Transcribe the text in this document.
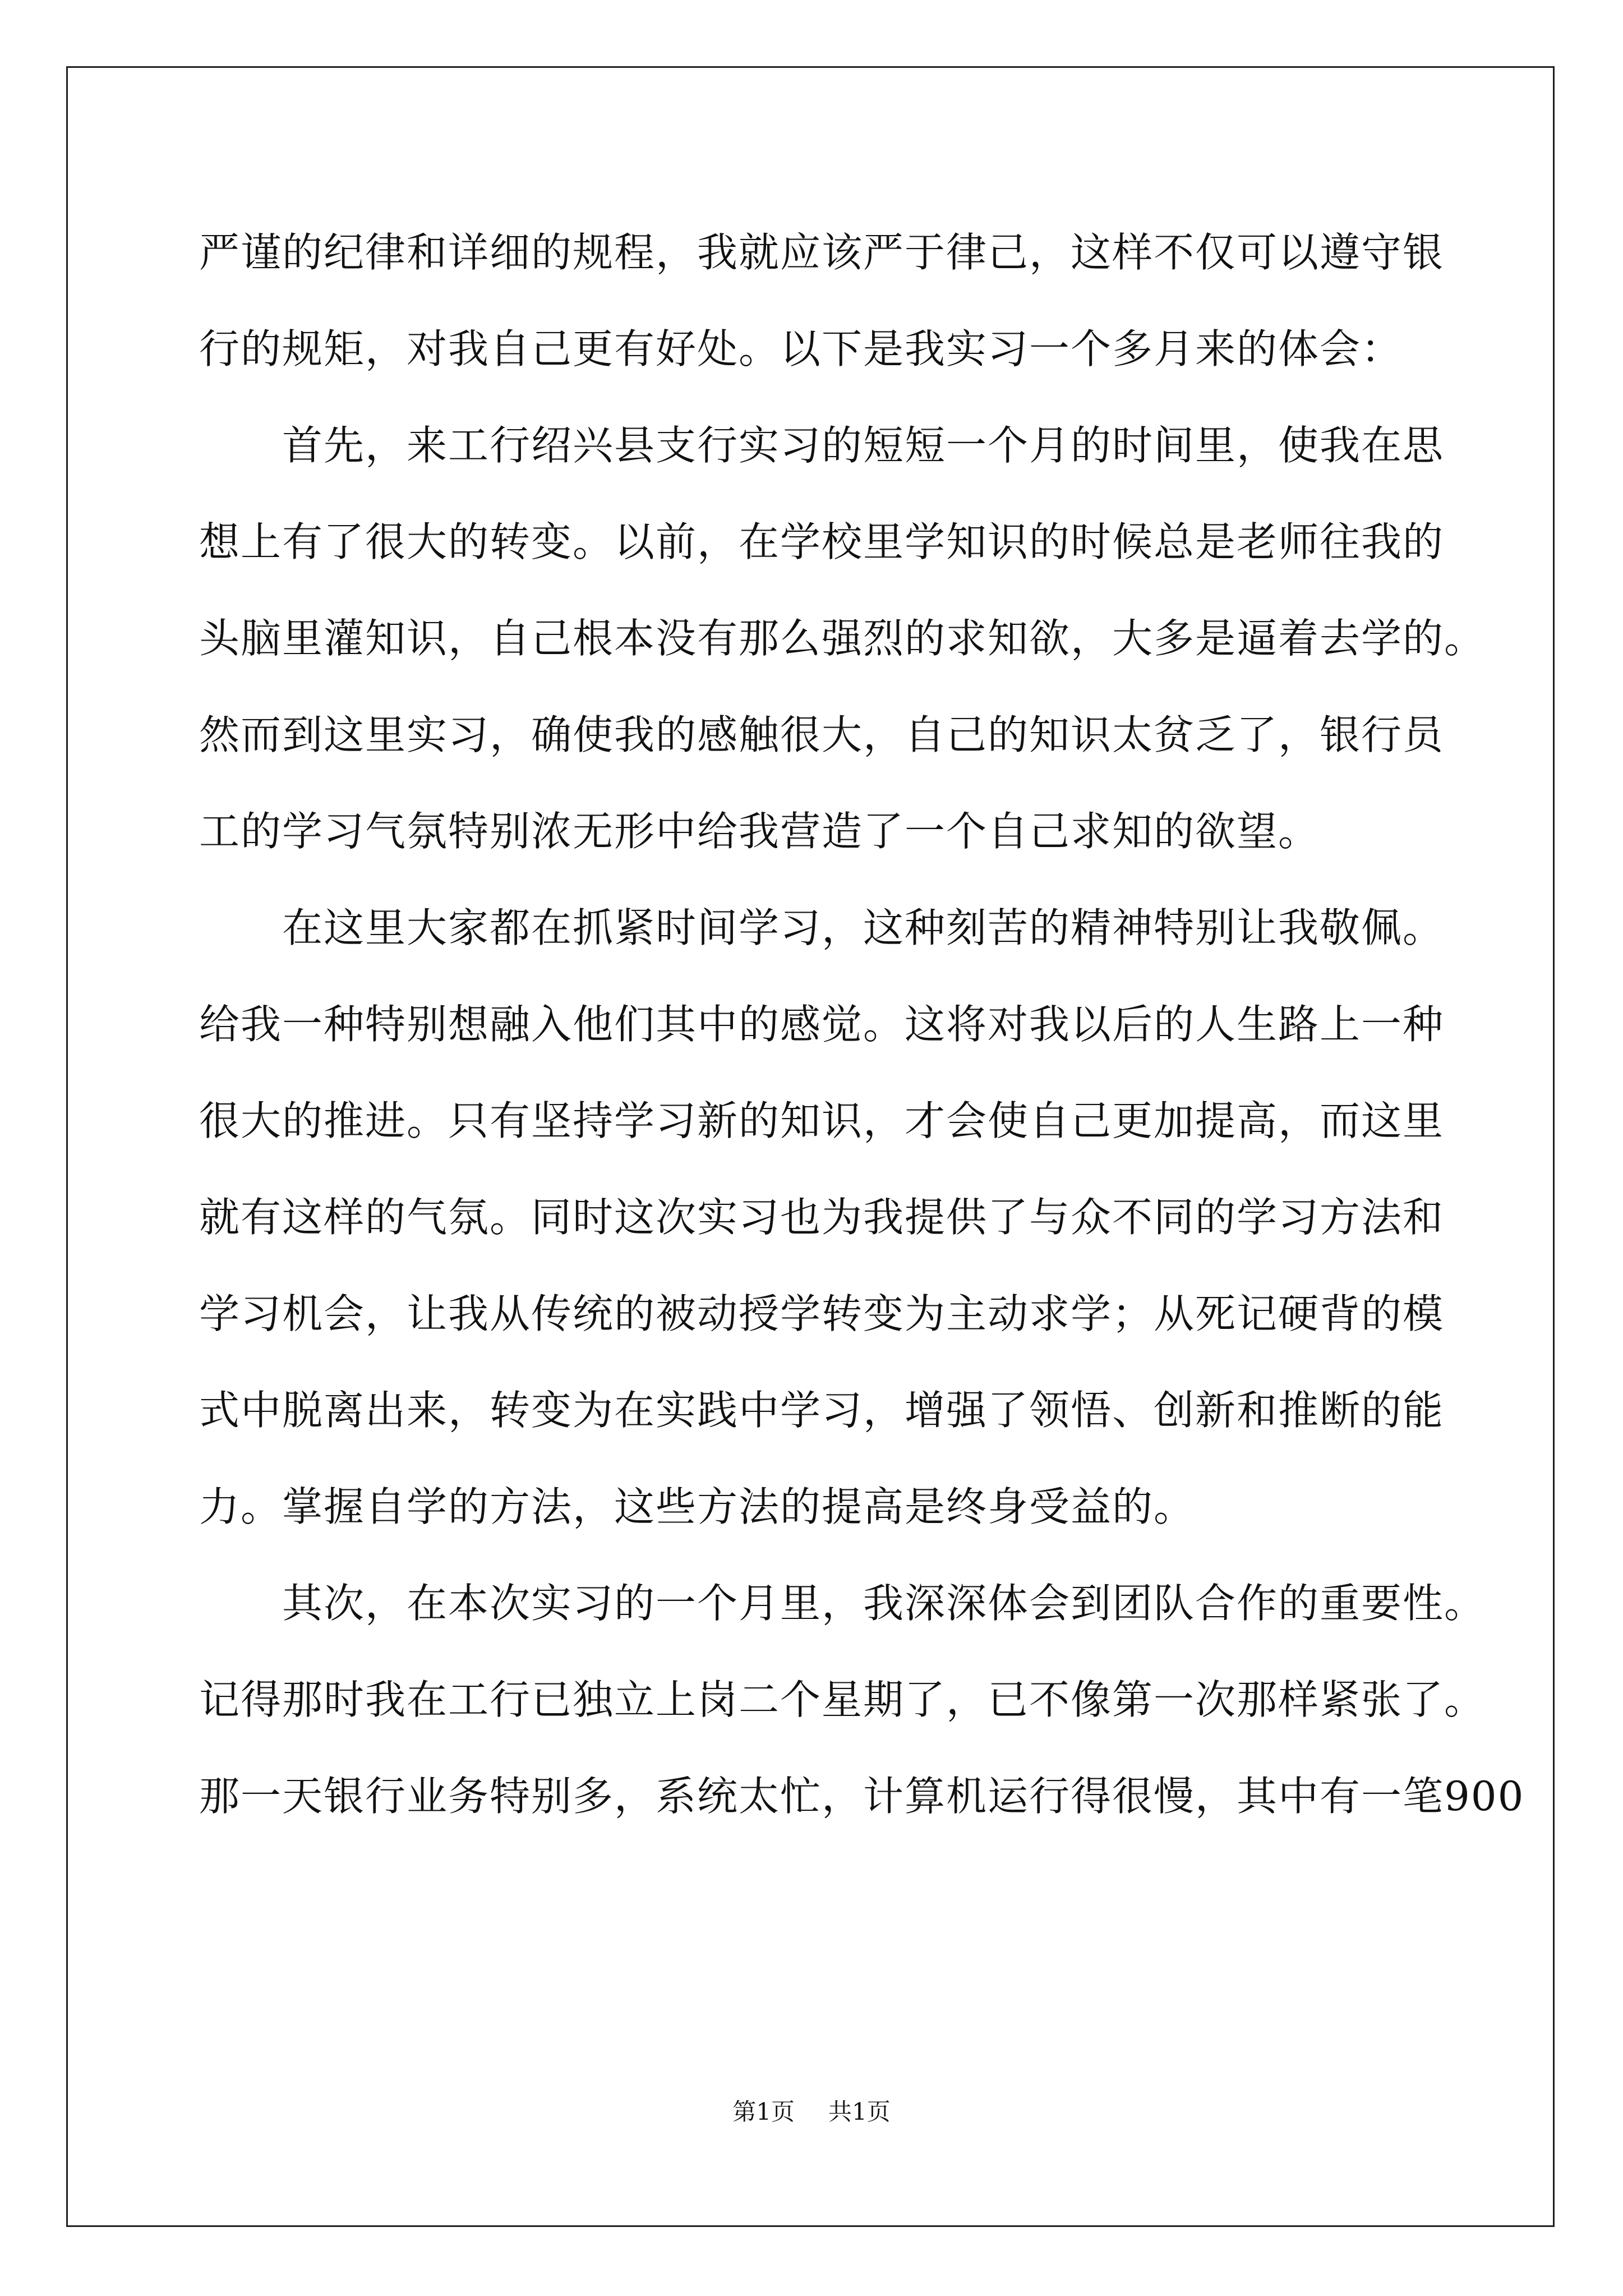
严谨的纪律和详细的规程，我就应该严于律己，这样不仅可以遵守银
行的规矩，对我自己更有好处。以下是我实习一个多月来的体会：
　　首先，来工行绍兴县支行实习的短短一个月的时间里，使我在思
想上有了很大的转变。以前，在学校里学知识的时候总是老师往我的
头脑里灌知识，自己根本没有那么强烈的求知欲，大多是逼着去学的。
然而到这里实习，确使我的感触很大，自己的知识太贫乏了，银行员
工的学习气氛特别浓无形中给我营造了一个自己求知的欲望。
　　在这里大家都在抓紧时间学习，这种刻苦的精神特别让我敬佩。
给我一种特别想融入他们其中的感觉。这将对我以后的人生路上一种
很大的推进。只有坚持学习新的知识，才会使自己更加提高，而这里
就有这样的气氛。同时这次实习也为我提供了与众不同的学习方法和
学习机会，让我从传统的被动授学转变为主动求学；从死记硬背的模
式中脱离出来，转变为在实践中学习，增强了领悟、创新和推断的能
力。掌握自学的方法，这些方法的提高是终身受益的。
　　其次，在本次实习的一个月里，我深深体会到团队合作的重要性。
记得那时我在工行已独立上岗二个星期了，已不像第一次那样紧张了。
那一天银行业务特别多，系统太忙，计算机运行得很慢，其中有一笔900
第1页 共1页
